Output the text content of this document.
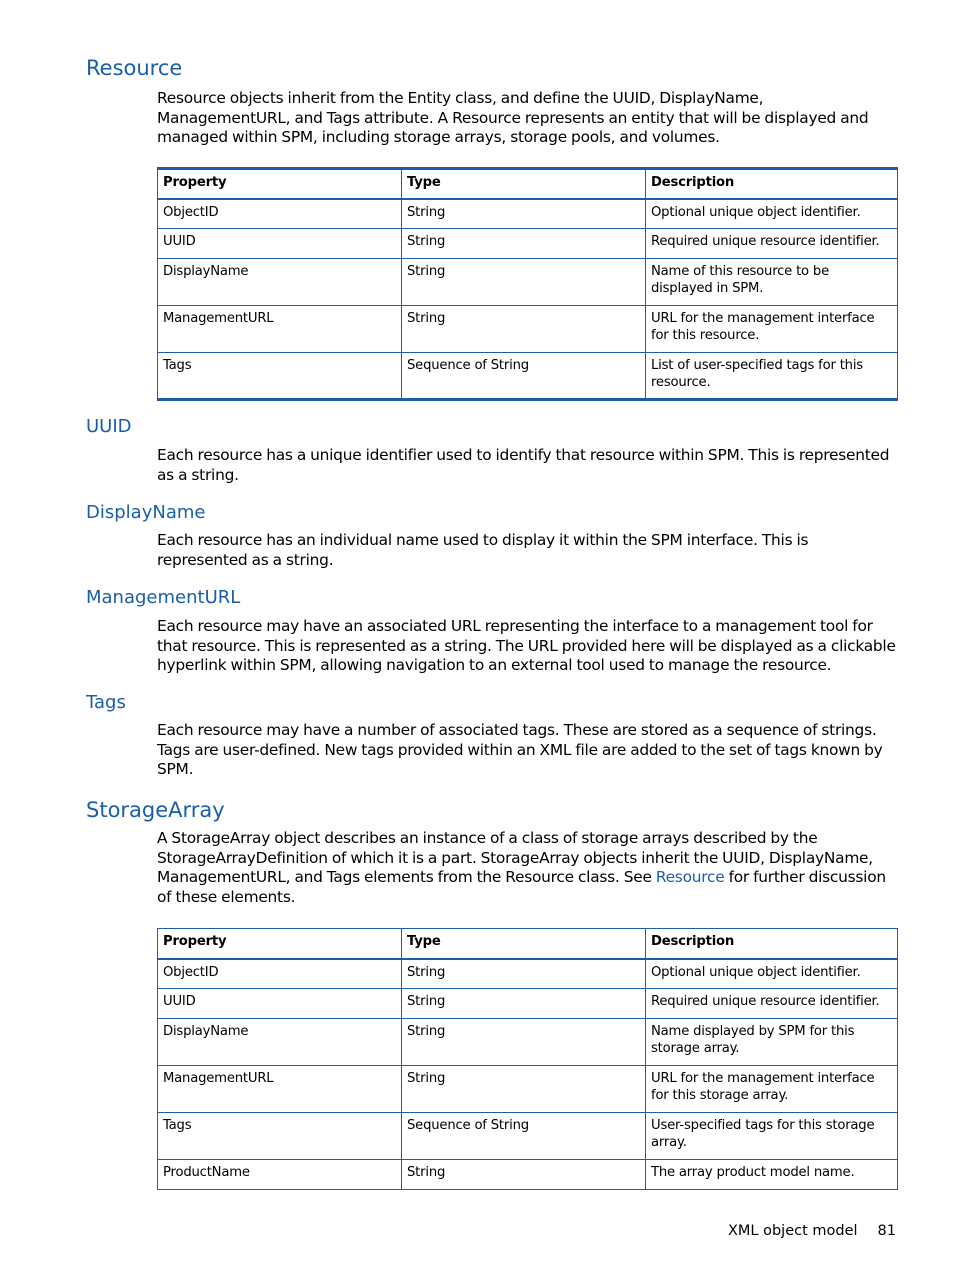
Resource

Resource objects inherit from the Entity class, and define the UUID, DisplayName, ManagementURL, and Tags attribute. A Resource represents an entity that will be displayed and managed within SPM, including storage arrays, storage pools, and volumes.

Property	Type	Description
ObjectID	String	Optional unique object identifier.
UUID	String	Required unique resource identifier.
DisplayName	String	Name of this resource to be displayed in SPM.
ManagementURL	String	URL for the management interface for this resource.
Tags	Sequence of String	List of user-specified tags for this resource.
UUID

Each resource has a unique identifier used to identify that resource within SPM. This is represented as a string.

DisplayName

Each resource has an individual name used to display it within the SPM interface. This is represented as a string.

ManagementURL

Each resource may have an associated URL representing the interface to a management tool for that resource. This is represented as a string. The URL provided here will be displayed as a clickable hyperlink within SPM, allowing navigation to an external tool used to manage the resource.

Tags

Each resource may have a number of associated tags. These are stored as a sequence of strings. Tags are user-defined. New tags provided within an XML file are added to the set of tags known by SPM.

StorageArray

A StorageArray object describes an instance of a class of storage arrays described by the StorageArrayDefinition of which it is a part. StorageArray objects inherit the UUID, DisplayName, ManagementURL, and Tags elements from the Resource class. See Resource for further discussion of these elements.

Property	Type	Description
ObjectID	String	Optional unique object identifier.
UUID	String	Required unique resource identifier.
DisplayName	String	Name displayed by SPM for this storage array.
ManagementURL	String	URL for the management interface for this storage array.
Tags	Sequence of String	User-specified tags for this storage array.
ProductName	String	The array product model name.
XML object model 81
